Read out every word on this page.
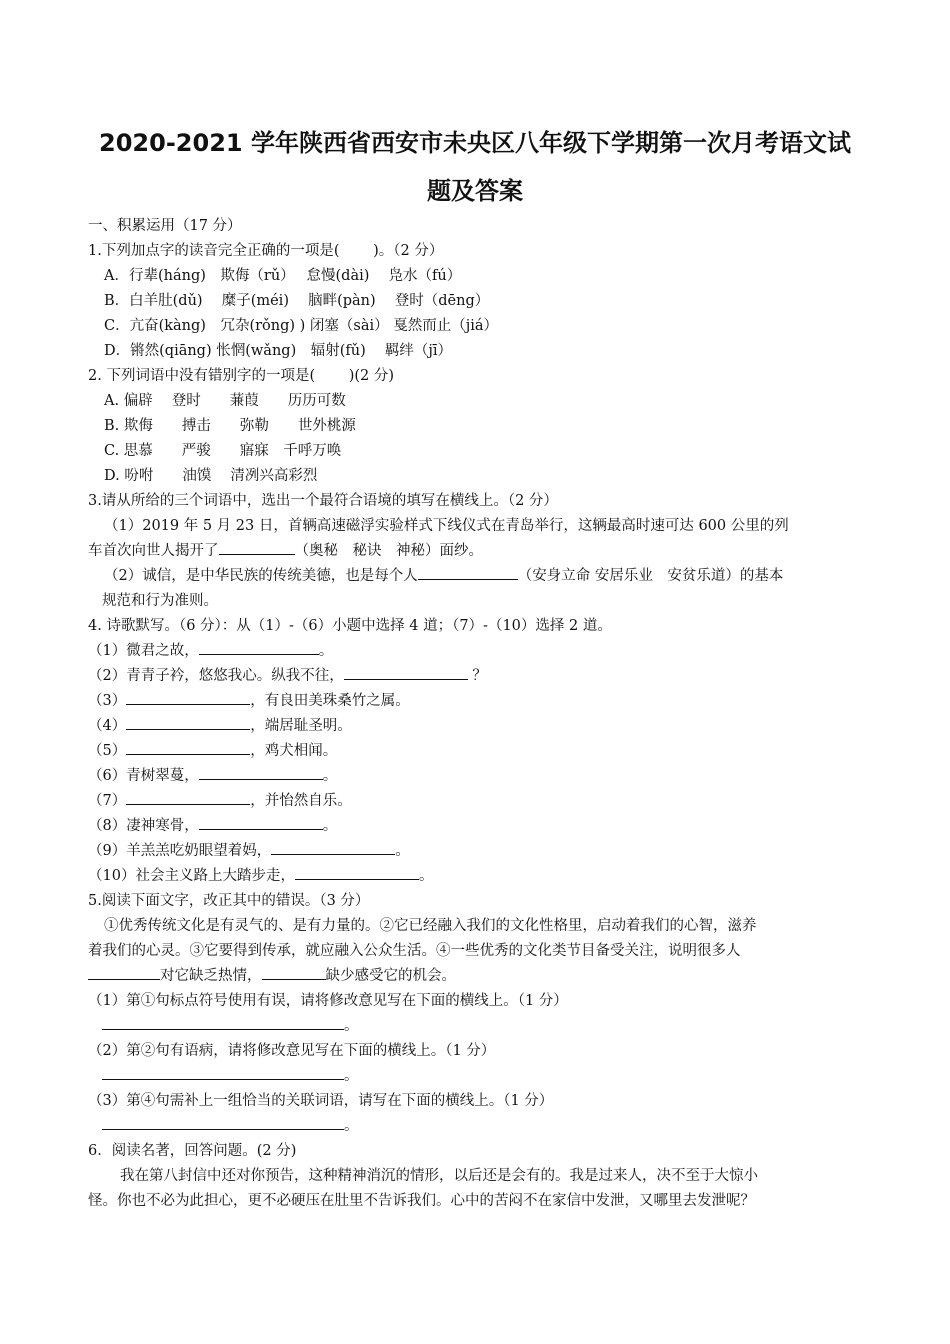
2020-2021 学年陕西省西安市未央区八年级下学期第一次月考语文试
题及答案
一、积累运用（17 分）
1.下列加点字的读音完全正确的一项是(　　 )。（2 分）
A．行辈(háng)　欺侮（rǔ）　 怠慢(dài)　 凫水（fú）
B．白羊肚(dǔ)　 糜子(méi)　 脑畔(pàn)　 登时（dēng）
C．亢奋(kàng)　冗杂(rǒng) ) 闭塞（sài） 戛然而止（jiá）
D．锵然(qiāng) 怅惘(wǎng)　辐射(fǔ)　 羁绊（jī）
2. 下列词语中没有错别字的一项是(　　 )(2 分)
A. 偏辟　 登时　　蒹葭　　历历可数
B. 欺侮　　搏击　　弥勒　　世外桃源
C. 思慕　　严骏　　寤寐　千呼万唤
D. 吩咐　　油馍　 清冽兴高彩烈
3.请从所给的三个词语中，选出一个最符合语境的填写在横线上。（2 分）
（1）2019 年 5 月 23 日，首辆高速磁浮实验样式下线仪式在青岛举行，这辆最高时速可达 600 公里的列
车首次向世人揭开了	（奥秘　秘诀　神秘）面纱。
（2）诚信，是中华民族的传统美德，也是每个人	（安身立命 安居乐业　安贫乐道）的基本
规范和行为准则。
4. 诗歌默写。（6 分）：从（1）-（6）小题中选择 4 道；（7）-（10）选择 2 道。
（1）微君之故，	。
（2）青青子衿，悠悠我心。纵我不往，	？
（3）	，有良田美珠桑竹之属。
（4）	，端居耻圣明。
（5）	，鸡犬相闻。
（6）青树翠蔓，	。
（7）	，并怡然自乐。
（8）凄神寒骨，	。
（9）羊羔羔吃奶眼望着妈，	。
（10）社会主义路上大踏步走，	。
5.阅读下面文字，改正其中的错误。（3 分）
①优秀传统文化是有灵气的、是有力量的。②它已经融入我们的文化性格里，启动着我们的心智，滋养
着我们的心灵。③它要得到传承，就应融入公众生活。④一些优秀的文化类节目备受关注，说明很多人
对它缺乏热情，	缺少感受它的机会。
（1）第①句标点符号使用有误，请将修改意见写在下面的横线上。（1 分）
。
（2）第②句有语病，请将修改意见写在下面的横线上。（1 分）
。
（3）第④句需补上一组恰当的关联词语，请写在下面的横线上。（1 分）
。
6．阅读名著，回答问题。(2 分)
我在第八封信中还对你预告，这种精神消沉的情形，以后还是会有的。我是过来人，决不至于大惊小
怪。你也不必为此担心，更不必硬压在肚里不告诉我们。心中的苦闷不在家信中发泄，又哪里去发泄呢？
